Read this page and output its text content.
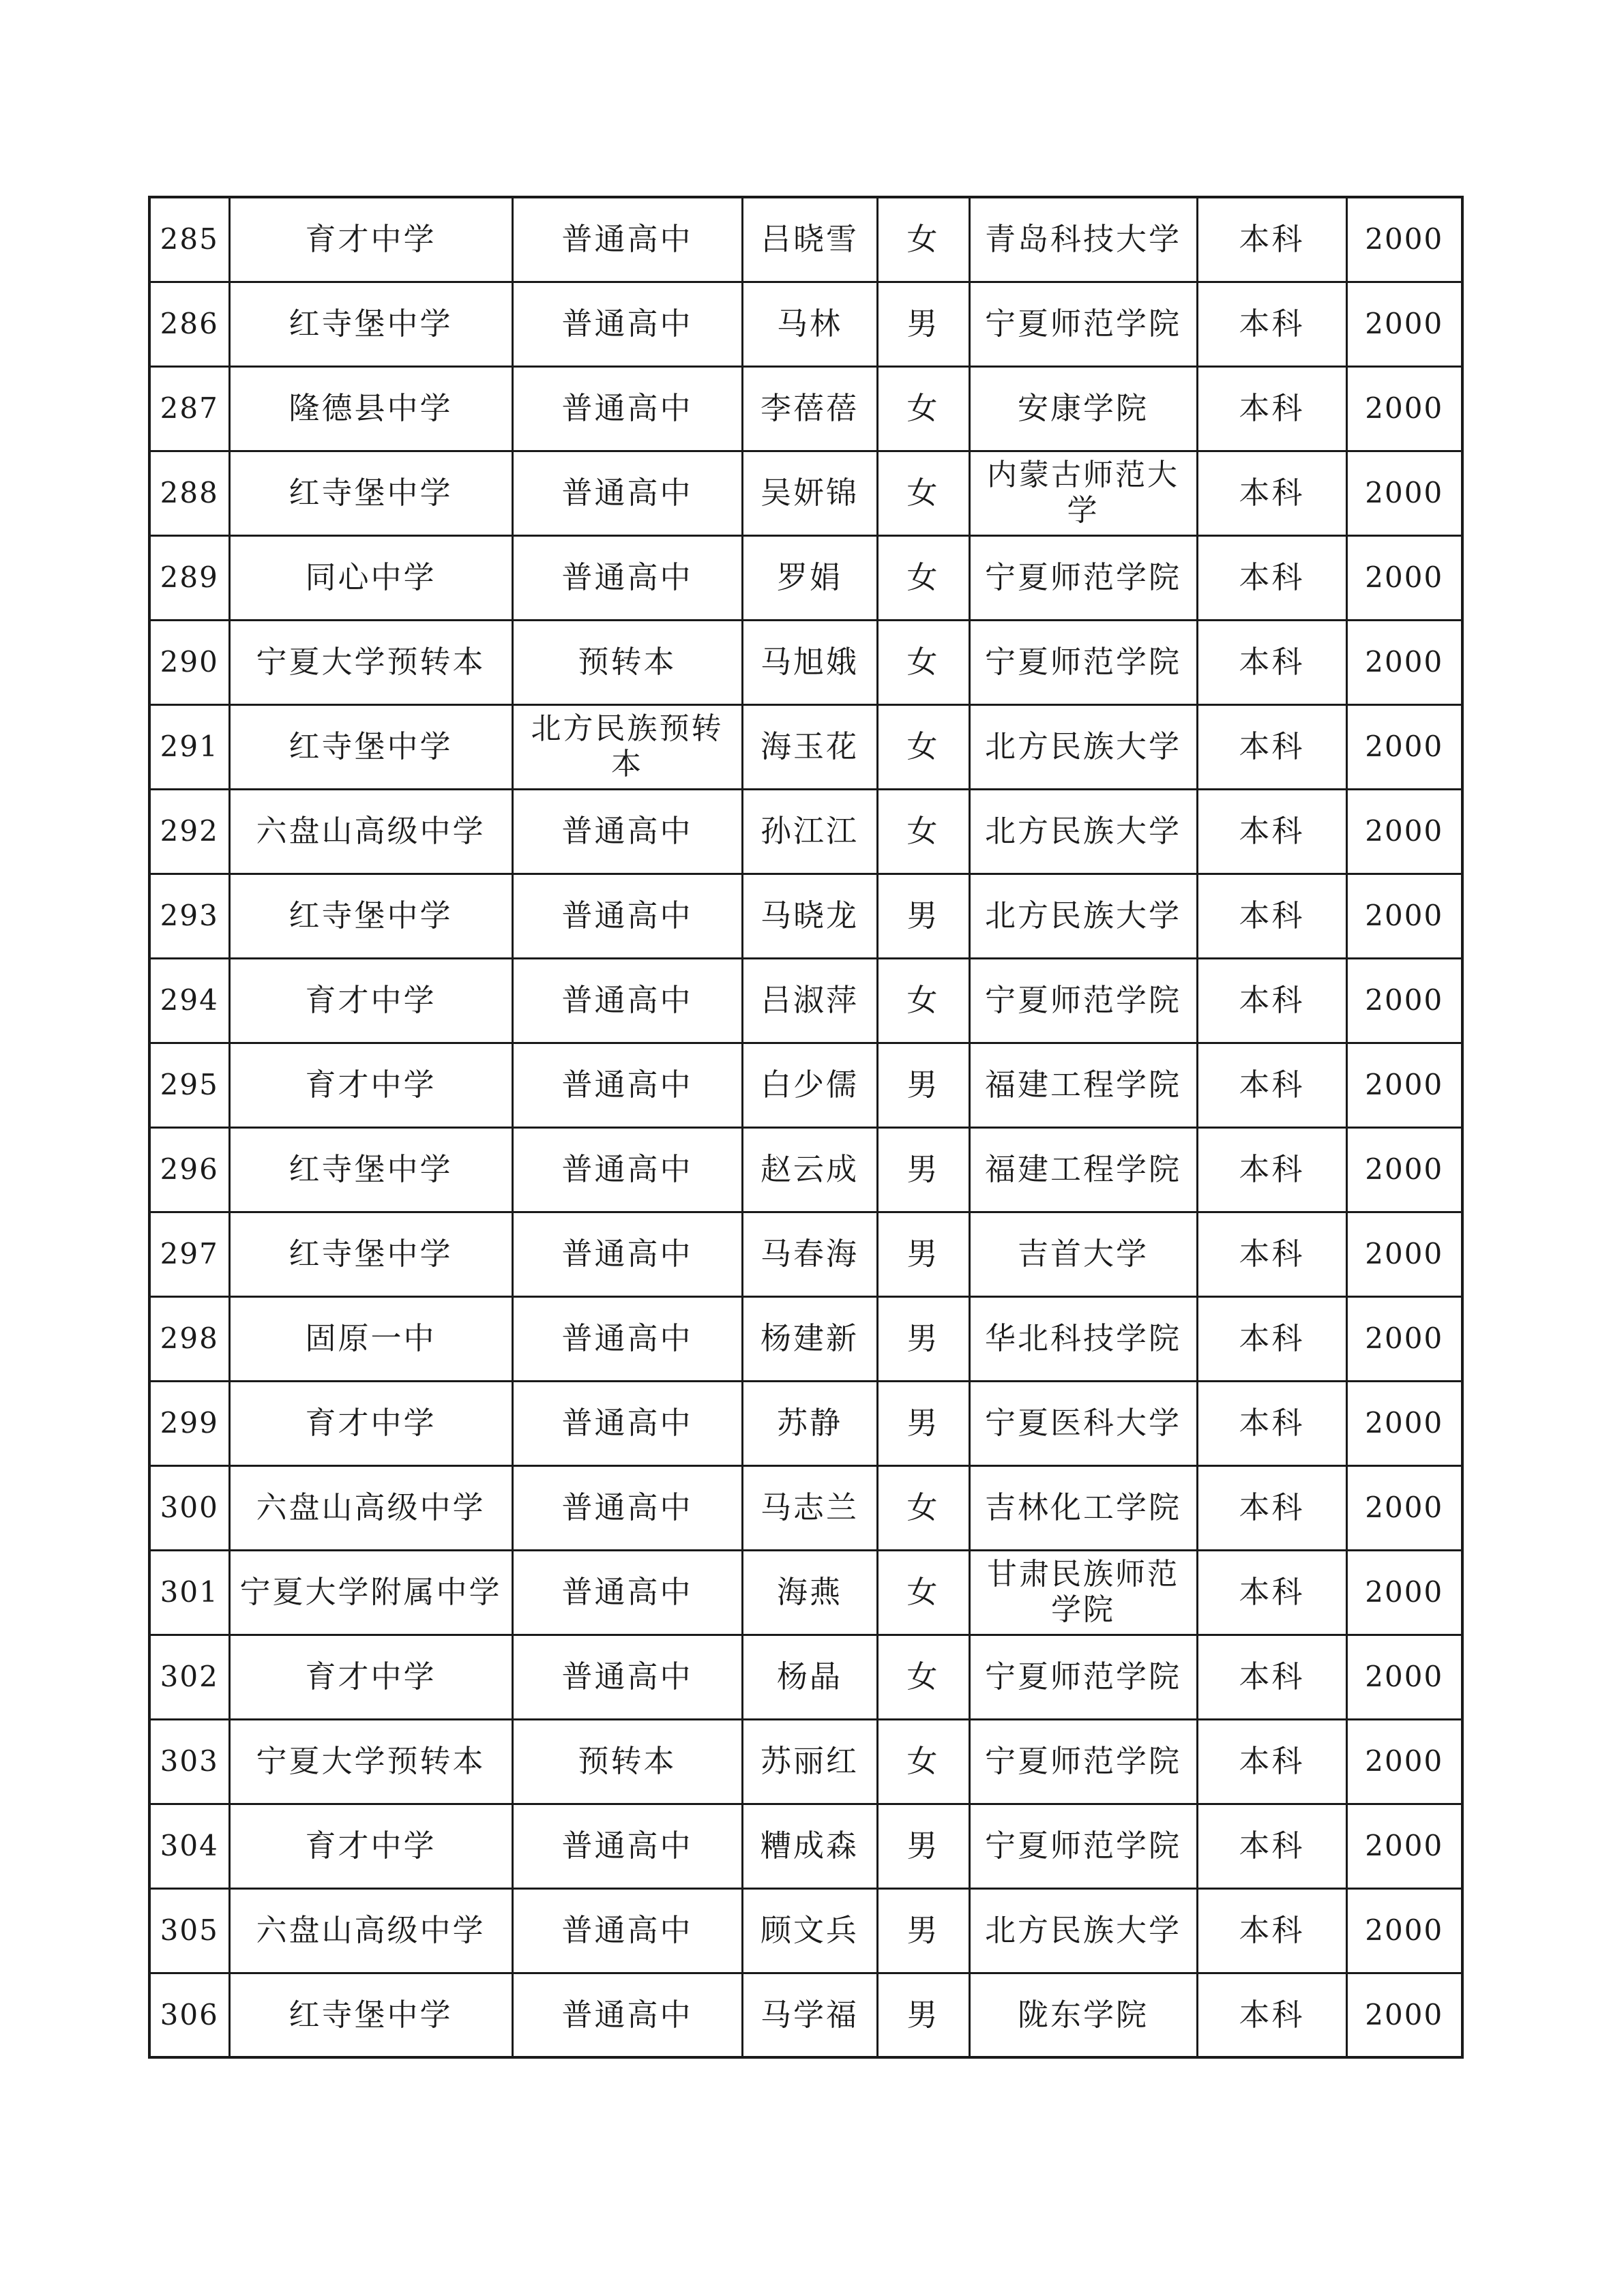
285	育才中学	普通高中	吕晓雪	女	青岛科技大学	本科	2000
286	红寺堡中学	普通高中	马林	男	宁夏师范学院	本科	2000
287	隆德县中学	普通高中	李蓓蓓	女	安康学院	本科	2000
288	红寺堡中学	普通高中	吴妍锦	女	内蒙古师范大学	本科	2000
289	同心中学	普通高中	罗娟	女	宁夏师范学院	本科	2000
290	宁夏大学预转本	预转本	马旭娥	女	宁夏师范学院	本科	2000
291	红寺堡中学	北方民族预转本	海玉花	女	北方民族大学	本科	2000
292	六盘山高级中学	普通高中	孙江江	女	北方民族大学	本科	2000
293	红寺堡中学	普通高中	马晓龙	男	北方民族大学	本科	2000
294	育才中学	普通高中	吕淑萍	女	宁夏师范学院	本科	2000
295	育才中学	普通高中	白少儒	男	福建工程学院	本科	2000
296	红寺堡中学	普通高中	赵云成	男	福建工程学院	本科	2000
297	红寺堡中学	普通高中	马春海	男	吉首大学	本科	2000
298	固原一中	普通高中	杨建新	男	华北科技学院	本科	2000
299	育才中学	普通高中	苏静	男	宁夏医科大学	本科	2000
300	六盘山高级中学	普通高中	马志兰	女	吉林化工学院	本科	2000
301	宁夏大学附属中学	普通高中	海燕	女	甘肃民族师范学院	本科	2000
302	育才中学	普通高中	杨晶	女	宁夏师范学院	本科	2000
303	宁夏大学预转本	预转本	苏丽红	女	宁夏师范学院	本科	2000
304	育才中学	普通高中	糟成森	男	宁夏师范学院	本科	2000
305	六盘山高级中学	普通高中	顾文兵	男	北方民族大学	本科	2000
306	红寺堡中学	普通高中	马学福	男	陇东学院	本科	2000
